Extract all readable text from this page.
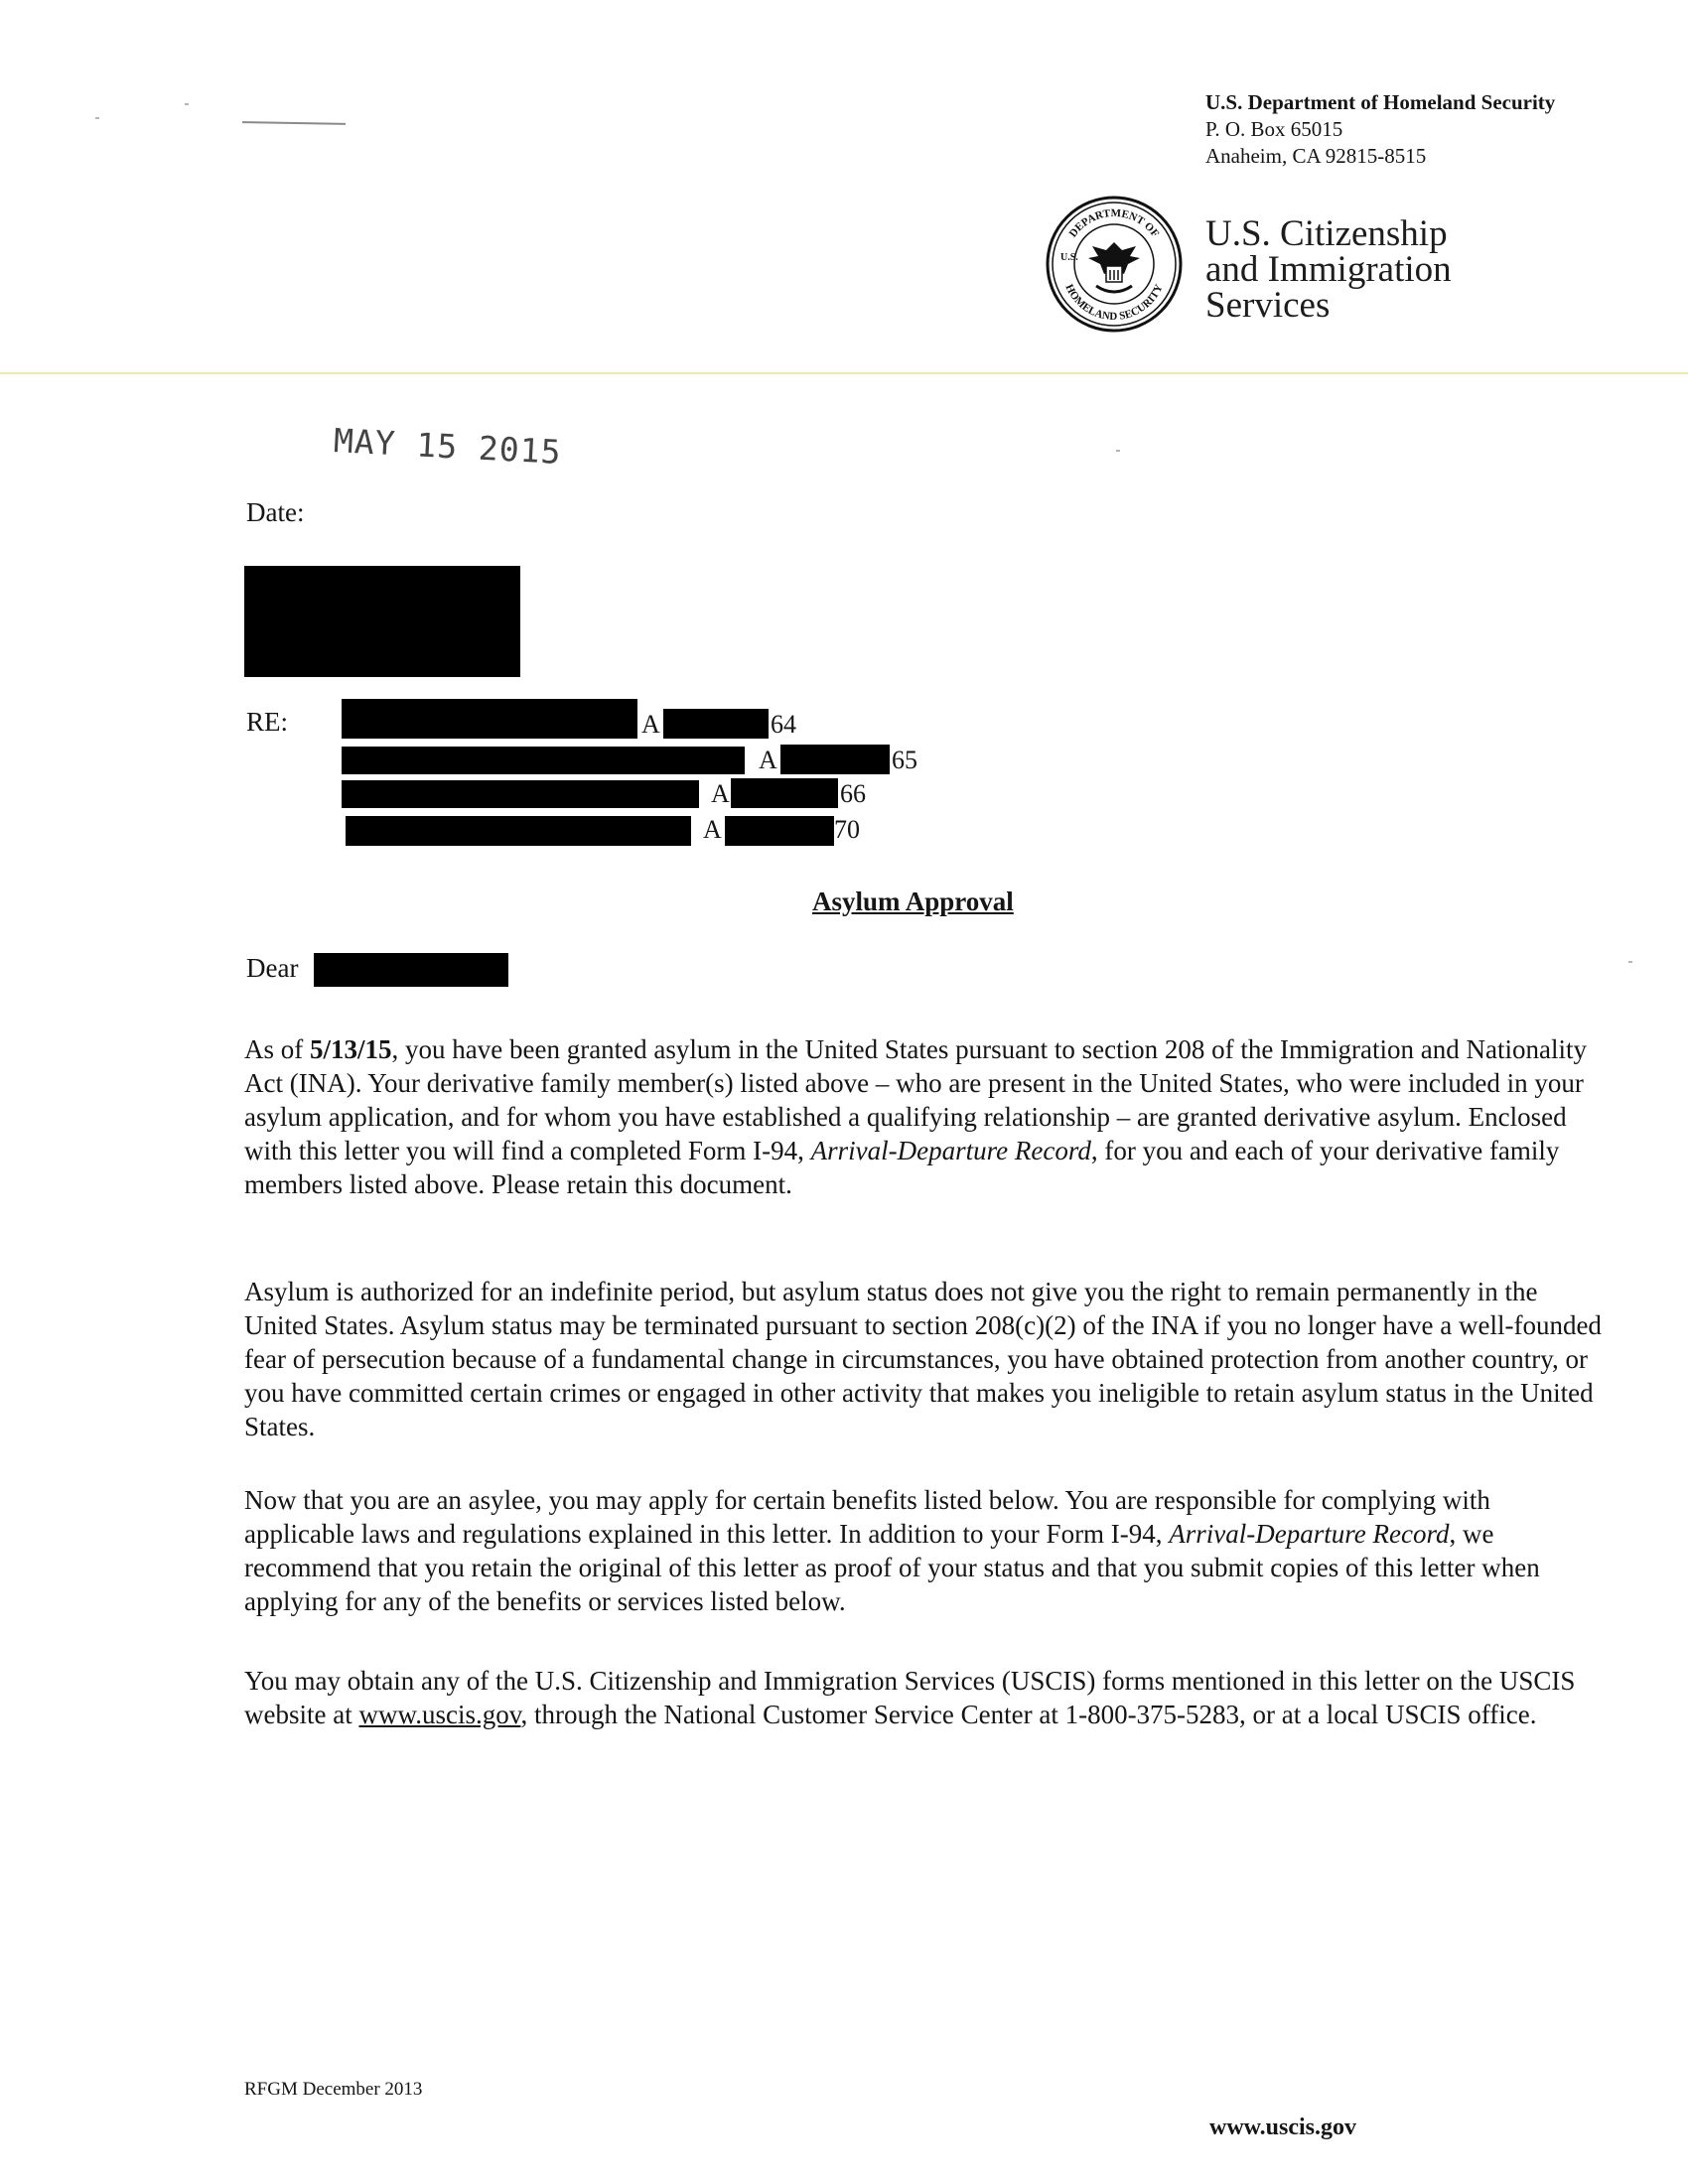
U.S. Department of Homeland Security
P. O. Box 65015
Anaheim, CA 92815-8515
DEPARTMENT OF
HOMELAND SECURITY
U.S.
U.S. Citizenship
and Immigration
Services
MAY 15 2015
Date:
RE:	A	64
A	65
A	66
A	70
Asylum Approval
Dear
As of 5/13/15, you have been granted asylum in the United States pursuant to section 208 of the Immigration and Nationality Act (INA). Your derivative family member(s) listed above – who are present in the United States, who were included in your asylum application, and for whom you have established a qualifying relationship – are granted derivative asylum. Enclosed with this letter you will find a completed Form I-94, Arrival-Departure Record, for you and each of your derivative family members listed above. Please retain this document.
Asylum is authorized for an indefinite period, but asylum status does not give you the right to remain permanently in the United States. Asylum status may be terminated pursuant to section 208(c)(2) of the INA if you no longer have a well-founded fear of persecution because of a fundamental change in circumstances, you have obtained protection from another country, or you have committed certain crimes or engaged in other activity that makes you ineligible to retain asylum status in the United States.
Now that you are an asylee, you may apply for certain benefits listed below. You are responsible for complying with applicable laws and regulations explained in this letter. In addition to your Form I-94, Arrival-Departure Record, we recommend that you retain the original of this letter as proof of your status and that you submit copies of this letter when applying for any of the benefits or services listed below.
You may obtain any of the U.S. Citizenship and Immigration Services (USCIS) forms mentioned in this letter on the USCIS website at www.uscis.gov, through the National Customer Service Center at 1-800-375-5283, or at a local USCIS office.
RFGM December 2013
www.uscis.gov
